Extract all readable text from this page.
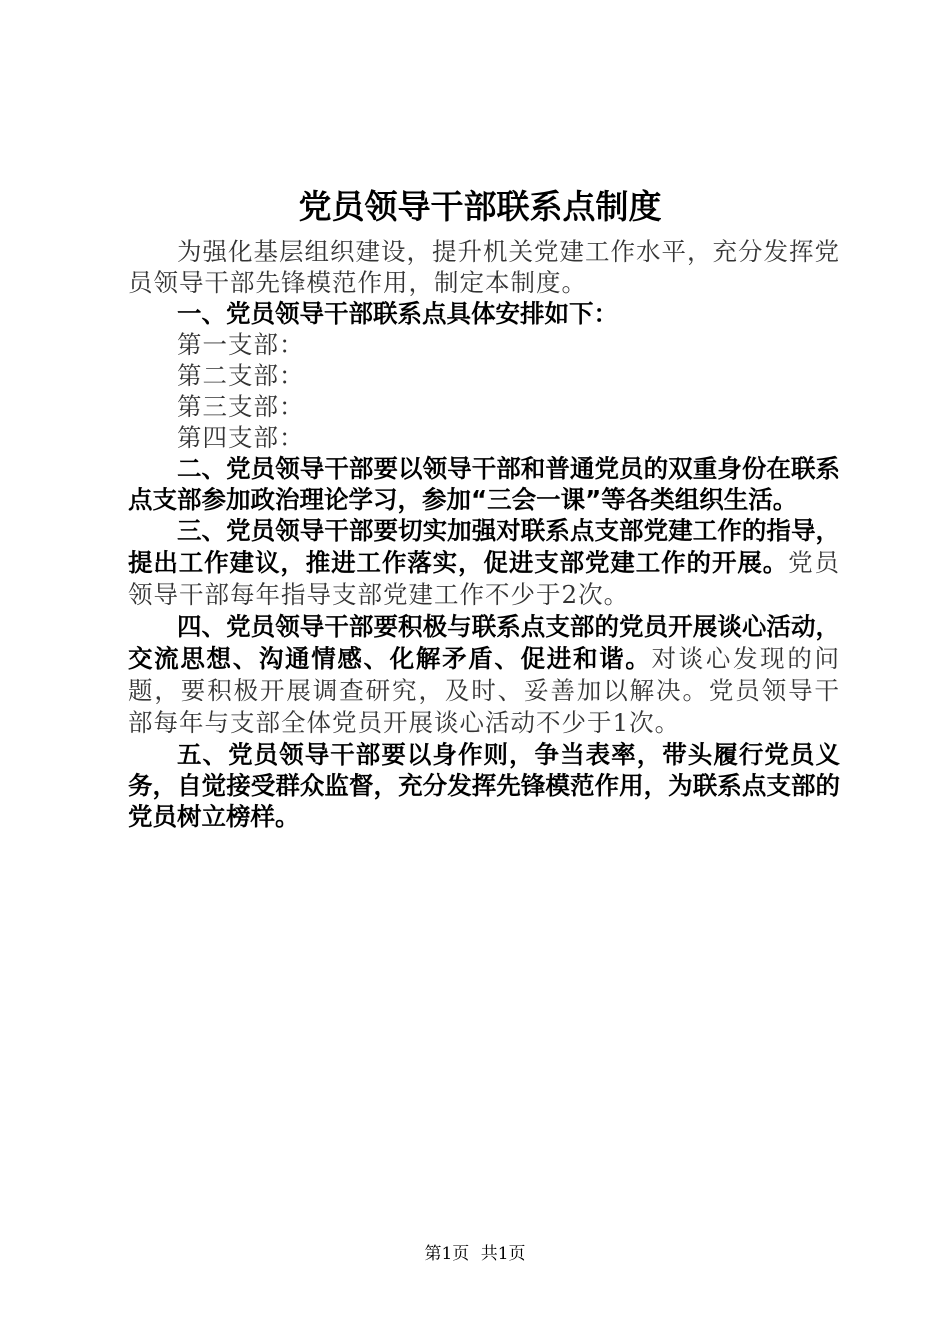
党员领导干部联系点制度

为强化基层组织建设，提升机关党建工作水平，充分发挥党员领导干部先锋模范作用，制定本制度。

一、党员领导干部联系点具体安排如下：

第一支部：

第二支部：

第三支部：

第四支部：

二、党员领导干部要以领导干部和普通党员的双重身份在联系点支部参加政治理论学习，参加“三会一课”等各类组织生活。

三、党员领导干部要切实加强对联系点支部党建工作的指导，提出工作建议，推进工作落实，促进支部党建工作的开展。党员领导干部每年指导支部党建工作不少于2次。

四、党员领导干部要积极与联系点支部的党员开展谈心活动，交流思想、沟通情感、化解矛盾、促进和谐。对谈心发现的问题，要积极开展调查研究，及时、妥善加以解决。党员领导干部每年与支部全体党员开展谈心活动不少于1次。

五、党员领导干部要以身作则，争当表率，带头履行党员义务，自觉接受群众监督，充分发挥先锋模范作用，为联系点支部的党员树立榜样。

第1页 共1页
